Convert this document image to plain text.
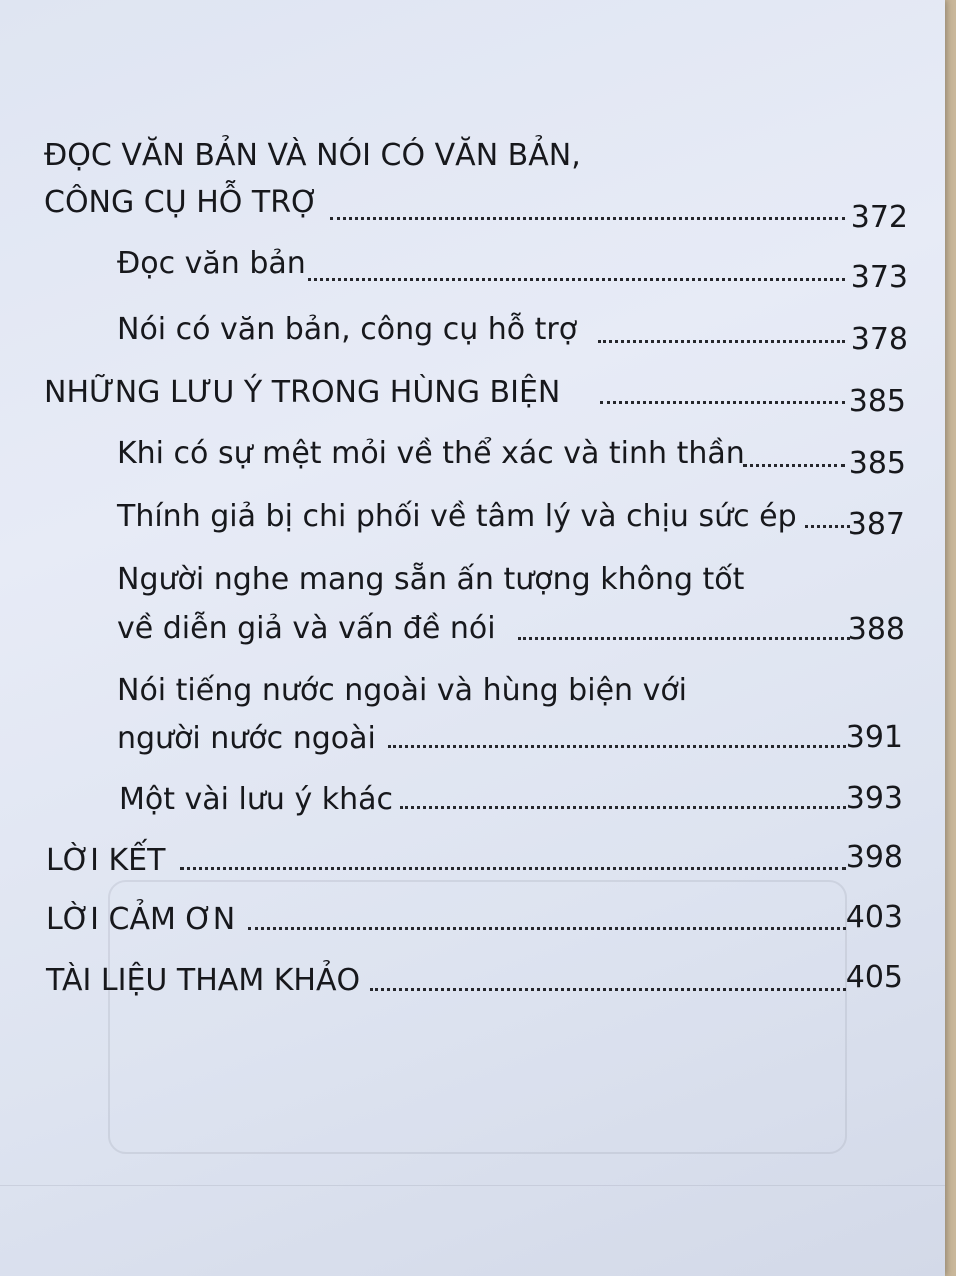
ĐỌC VĂN BẢN VÀ NÓI CÓ VĂN BẢN,
CÔNG CỤ HỖ TRỢ	372
Đọc văn bản	373
Nói có văn bản, công cụ hỗ trợ	378
NHỮNG LƯU Ý TRONG HÙNG BIỆN	385
Khi có sự mệt mỏi về thể xác và tinh thần	385
Thính giả bị chi phối về tâm lý và chịu sức ép 387
Người nghe mang sẵn ấn tượng không tốt
về diễn giả và vấn đề nói	388
Nói tiếng nước ngoài và hùng biện với
người nước ngoài	391
Một vài lưu ý khác	393
LỜI KẾT	398
LỜI CẢM ƠN	403
TÀI LIỆU THAM KHẢO	405
